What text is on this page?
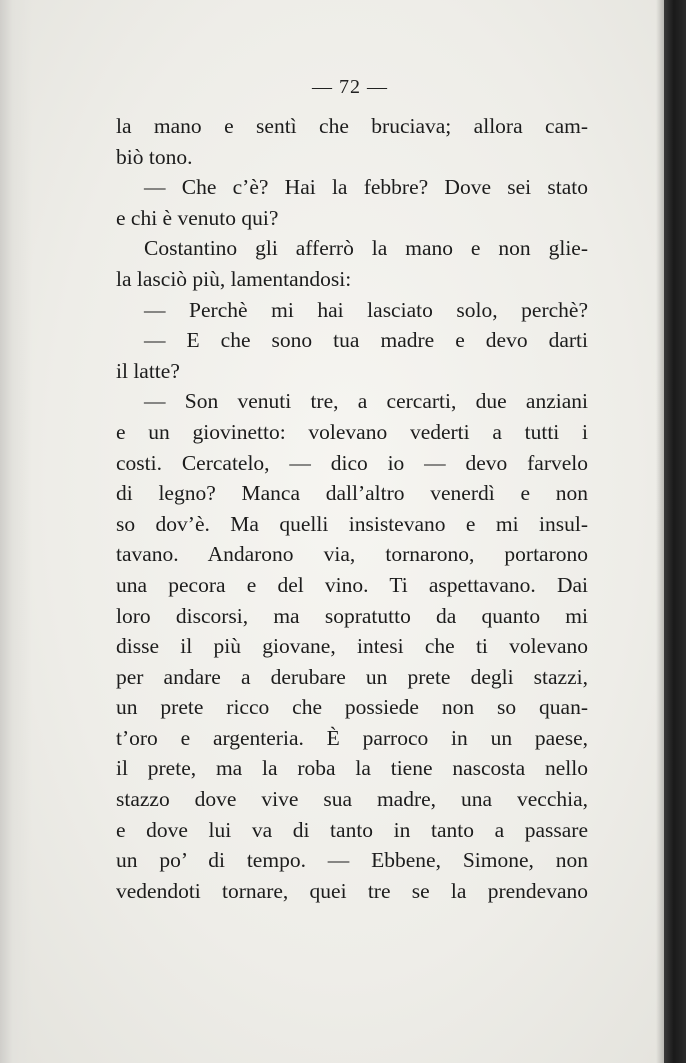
— 72 —
la mano e sentì che bruciava; allora cam-
biò tono.
— Che c’è? Hai la febbre? Dove sei stato
e chi è venuto qui?
Costantino gli afferrò la mano e non glie-
la lasciò più, lamentandosi:
— Perchè mi hai lasciato solo, perchè?
— E che sono tua madre e devo darti
il latte?
— Son venuti tre, a cercarti, due anziani
e un giovinetto: volevano vederti a tutti i
costi. Cercatelo, — dico io — devo farvelo
di legno? Manca dall’altro venerdì e non
so dov’è. Ma quelli insistevano e mi insul-
tavano. Andarono via, tornarono, portarono
una pecora e del vino. Ti aspettavano. Dai
loro discorsi, ma sopratutto da quanto mi
disse il più giovane, intesi che ti volevano
per andare a derubare un prete degli stazzi,
un prete ricco che possiede non so quan-
t’oro e argenteria. È parroco in un paese,
il prete, ma la roba la tiene nascosta nello
stazzo dove vive sua madre, una vecchia,
e dove lui va di tanto in tanto a passare
un po’ di tempo. — Ebbene, Simone, non
vedendoti tornare, quei tre se la prendevano
